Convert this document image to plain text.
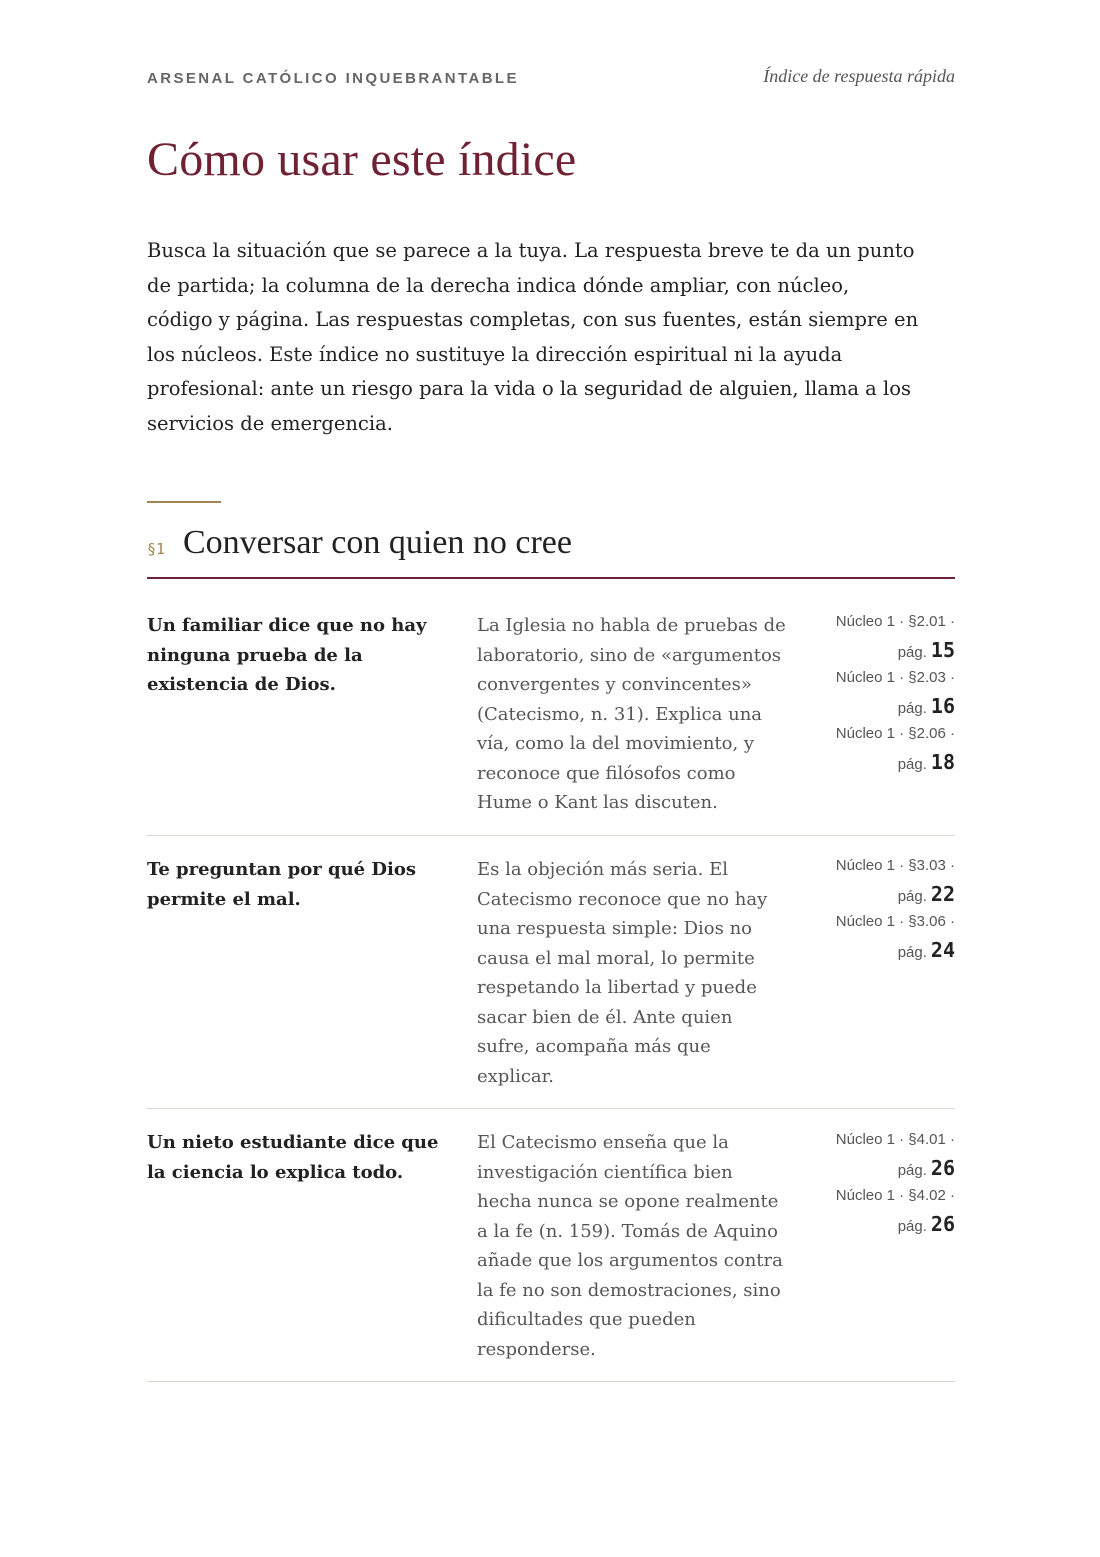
ARSENAL CATÓLICO INQUEBRANTABLE	Índice de respuesta rápida
Cómo usar este índice

Busca la situación que se parece a la tuya. La respuesta breve te da un punto
de partida; la columna de la derecha indica dónde ampliar, con núcleo,
código y página. Las respuestas completas, con sus fuentes, están siempre en
los núcleos. Este índice no sustituye la dirección espiritual ni la ayuda
profesional: ante un riesgo para la vida o la seguridad de alguien, llama a los
servicios de emergencia.

§1 Conversar con quien no cree
Un familiar dice que no hay
ninguna prueba de la
existencia de Dios.
La Iglesia no habla de pruebas de
laboratorio, sino de «argumentos
convergentes y convincentes»
(Catecismo, n. 31). Explica una
vía, como la del movimiento, y
reconoce que filósofos como
Hume o Kant las discuten.
Núcleo 1 · §2.01 ·
pág. 15
Núcleo 1 · §2.03 ·
pág. 16
Núcleo 1 · §2.06 ·
pág. 18
Te preguntan por qué Dios
permite el mal.
Es la objeción más seria. El
Catecismo reconoce que no hay
una respuesta simple: Dios no
causa el mal moral, lo permite
respetando la libertad y puede
sacar bien de él. Ante quien
sufre, acompaña más que
explicar.
Núcleo 1 · §3.03 ·
pág. 22
Núcleo 1 · §3.06 ·
pág. 24
Un nieto estudiante dice que
la ciencia lo explica todo.
El Catecismo enseña que la
investigación científica bien
hecha nunca se opone realmente
a la fe (n. 159). Tomás de Aquino
añade que los argumentos contra
la fe no son demostraciones, sino
dificultades que pueden
responderse.
Núcleo 1 · §4.01 ·
pág. 26
Núcleo 1 · §4.02 ·
pág. 26
